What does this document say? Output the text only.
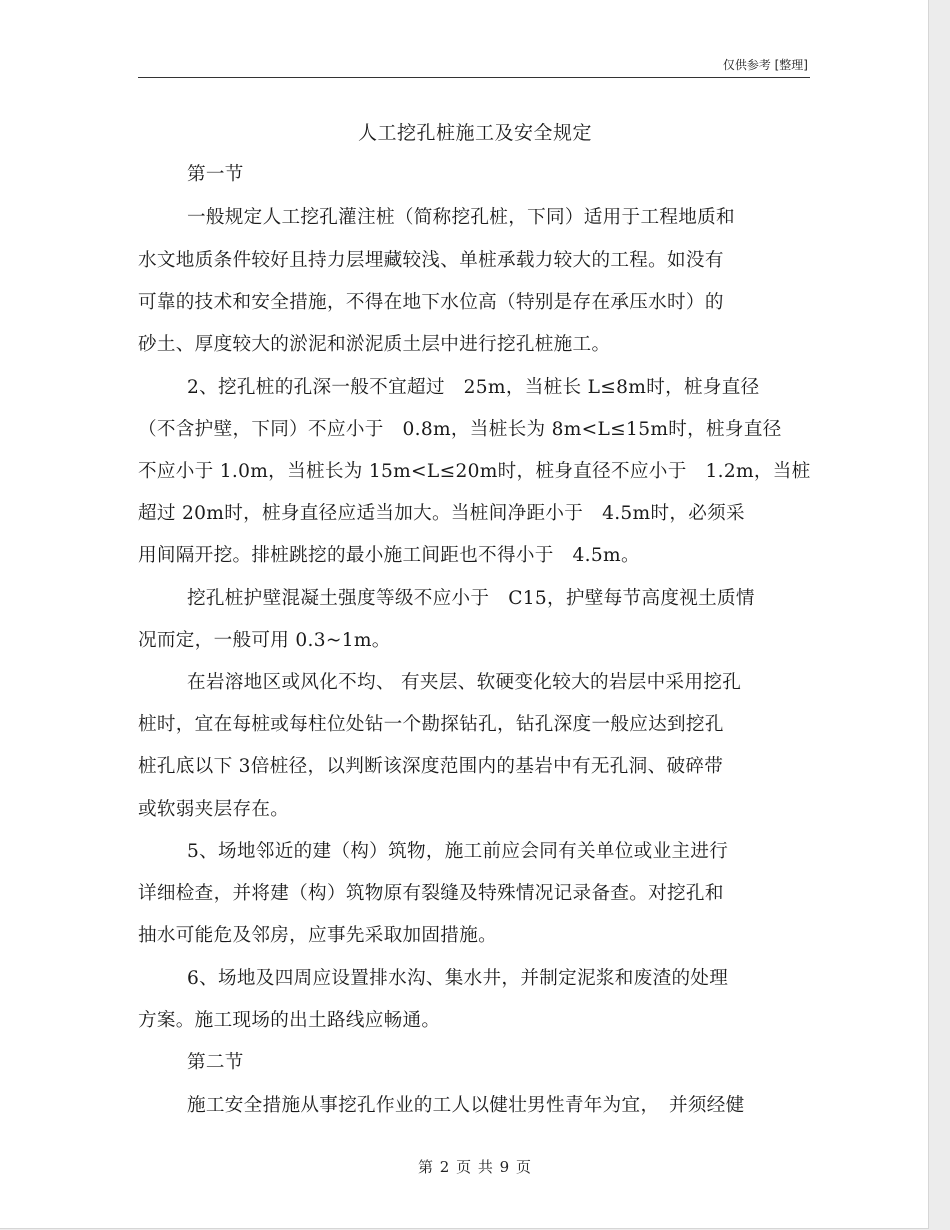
仅供参考 [整理]
人工挖孔桩施工及安全规定
第一节
一般规定人工挖孔灌注桩（简称挖孔桩，下同）适用于工程地质和
水文地质条件较好且持力层埋藏较浅、单桩承载力较大的工程。如没有
可靠的技术和安全措施，不得在地下水位高（特别是存在承压水时）的
砂土、厚度较大的淤泥和淤泥质土层中进行挖孔桩施工。
2、挖孔桩的孔深一般不宜超过　25m，当桩长 L≤8m时，桩身直径
（不含护壁，下同）不应小于　0.8m，当桩长为 8m<L≤15m时，桩身直径
不应小于 1.0m，当桩长为 15m<L≤20m时，桩身直径不应小于　1.2m，当桩
超过 20m时，桩身直径应适当加大。当桩间净距小于　4.5m时，必须采
用间隔开挖。排桩跳挖的最小施工间距也不得小于　4.5m。
挖孔桩护壁混凝土强度等级不应小于　C15，护壁每节高度视土质情
况而定，一般可用 0.3~1m。
在岩溶地区或风化不均、 有夹层、软硬变化较大的岩层中采用挖孔
桩时，宜在每桩或每柱位处钻一个勘探钻孔，钻孔深度一般应达到挖孔
桩孔底以下 3倍桩径，以判断该深度范围内的基岩中有无孔洞、破碎带
或软弱夹层存在。
5、场地邻近的建（构）筑物，施工前应会同有关单位或业主进行
详细检查，并将建（构）筑物原有裂缝及特殊情况记录备查。对挖孔和
抽水可能危及邻房，应事先采取加固措施。
6、场地及四周应设置排水沟、集水井，并制定泥浆和废渣的处理
方案。施工现场的出土路线应畅通。
第二节
施工安全措施从事挖孔作业的工人以健壮男性青年为宜，　并须经健
第 2 页 共 9 页
